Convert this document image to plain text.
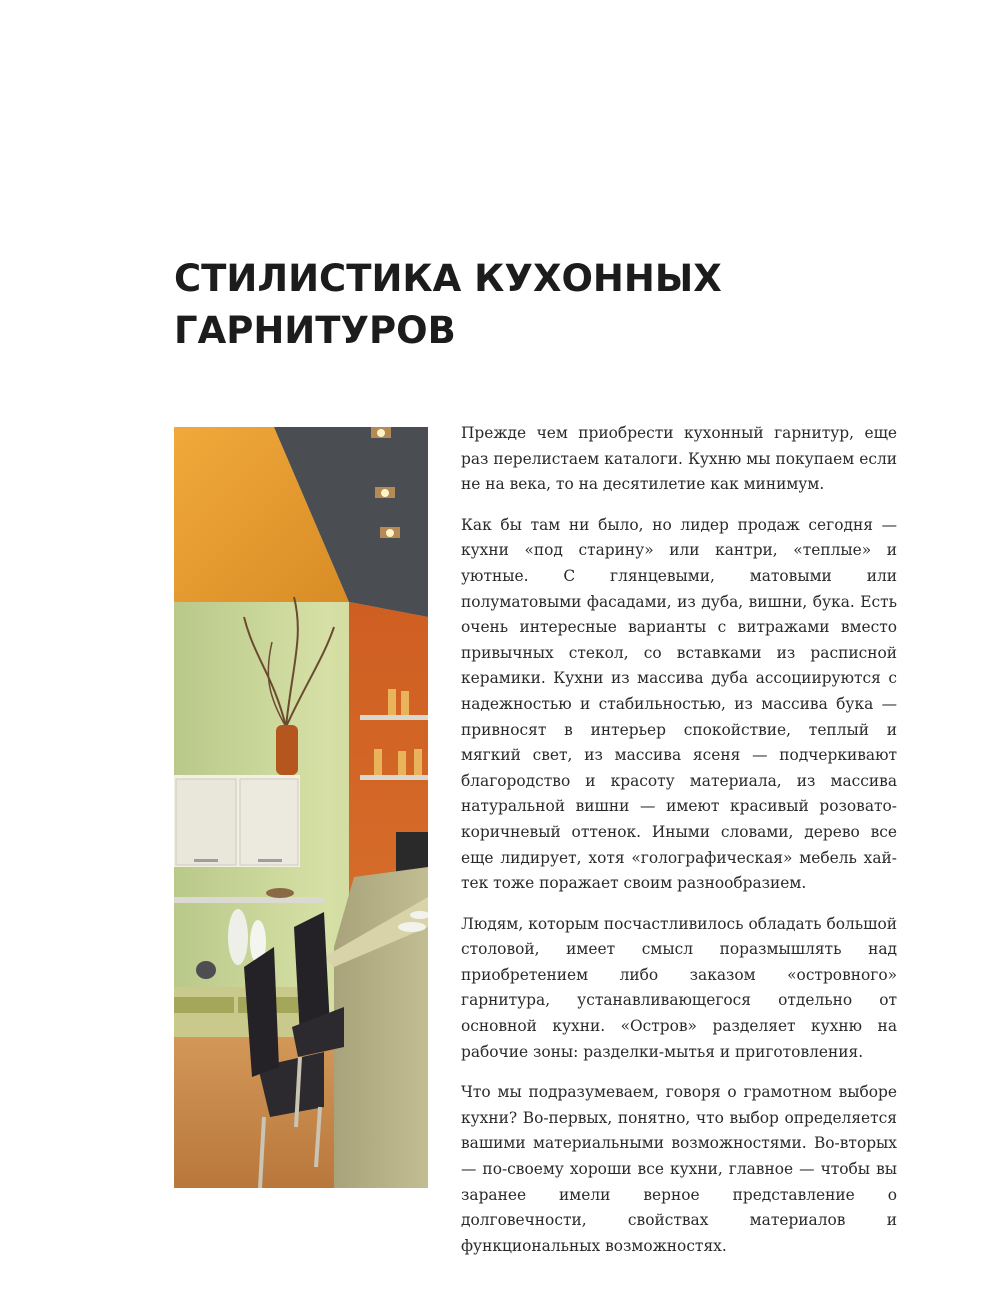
СТИЛИСТИКА КУХОННЫХ
ГАРНИТУРОВ

Прежде чем приобрести кухонный гарнитур, еще раз перелистаем каталоги. Кухню мы покупаем если не на века, то на десятилетие как минимум.

Как бы там ни было, но лидер продаж сегодня — кухни «под старину» или кантри, «теплые» и уютные. С глянцевыми, матовыми или полуматовыми фасадами, из дуба, вишни, бука. Есть очень интересные варианты с витражами вместо привычных стекол, со вставками из расписной керамики. Кухни из массива дуба ассоциируются с надежностью и стабильностью, из массива бука — привносят в интерьер спокойствие, теплый и мягкий свет, из массива ясеня — подчеркивают благородство и красоту материала, из массива натуральной вишни — имеют красивый розовато-коричневый оттенок. Иными словами, дерево все еще лидирует, хотя «голографическая» мебель хай-тек тоже поражает своим разнообразием.

Людям, которым посчастливилось обладать большой столовой, имеет смысл поразмышлять над приобретением либо заказом «островного» гарнитура, устанавливающегося отдельно от основной кухни. «Остров» разделяет кухню на рабочие зоны: разделки-мытья и приготовления.

Что мы подразумеваем, говоря о грамотном выборе кухни? Во-первых, понятно, что выбор определяется вашими материальными возможностями. Во-вторых — по-своему хороши все кухни, главное — чтобы вы заранее имели верное представление о долговечности, свойствах материалов и функциональных возможностях.
